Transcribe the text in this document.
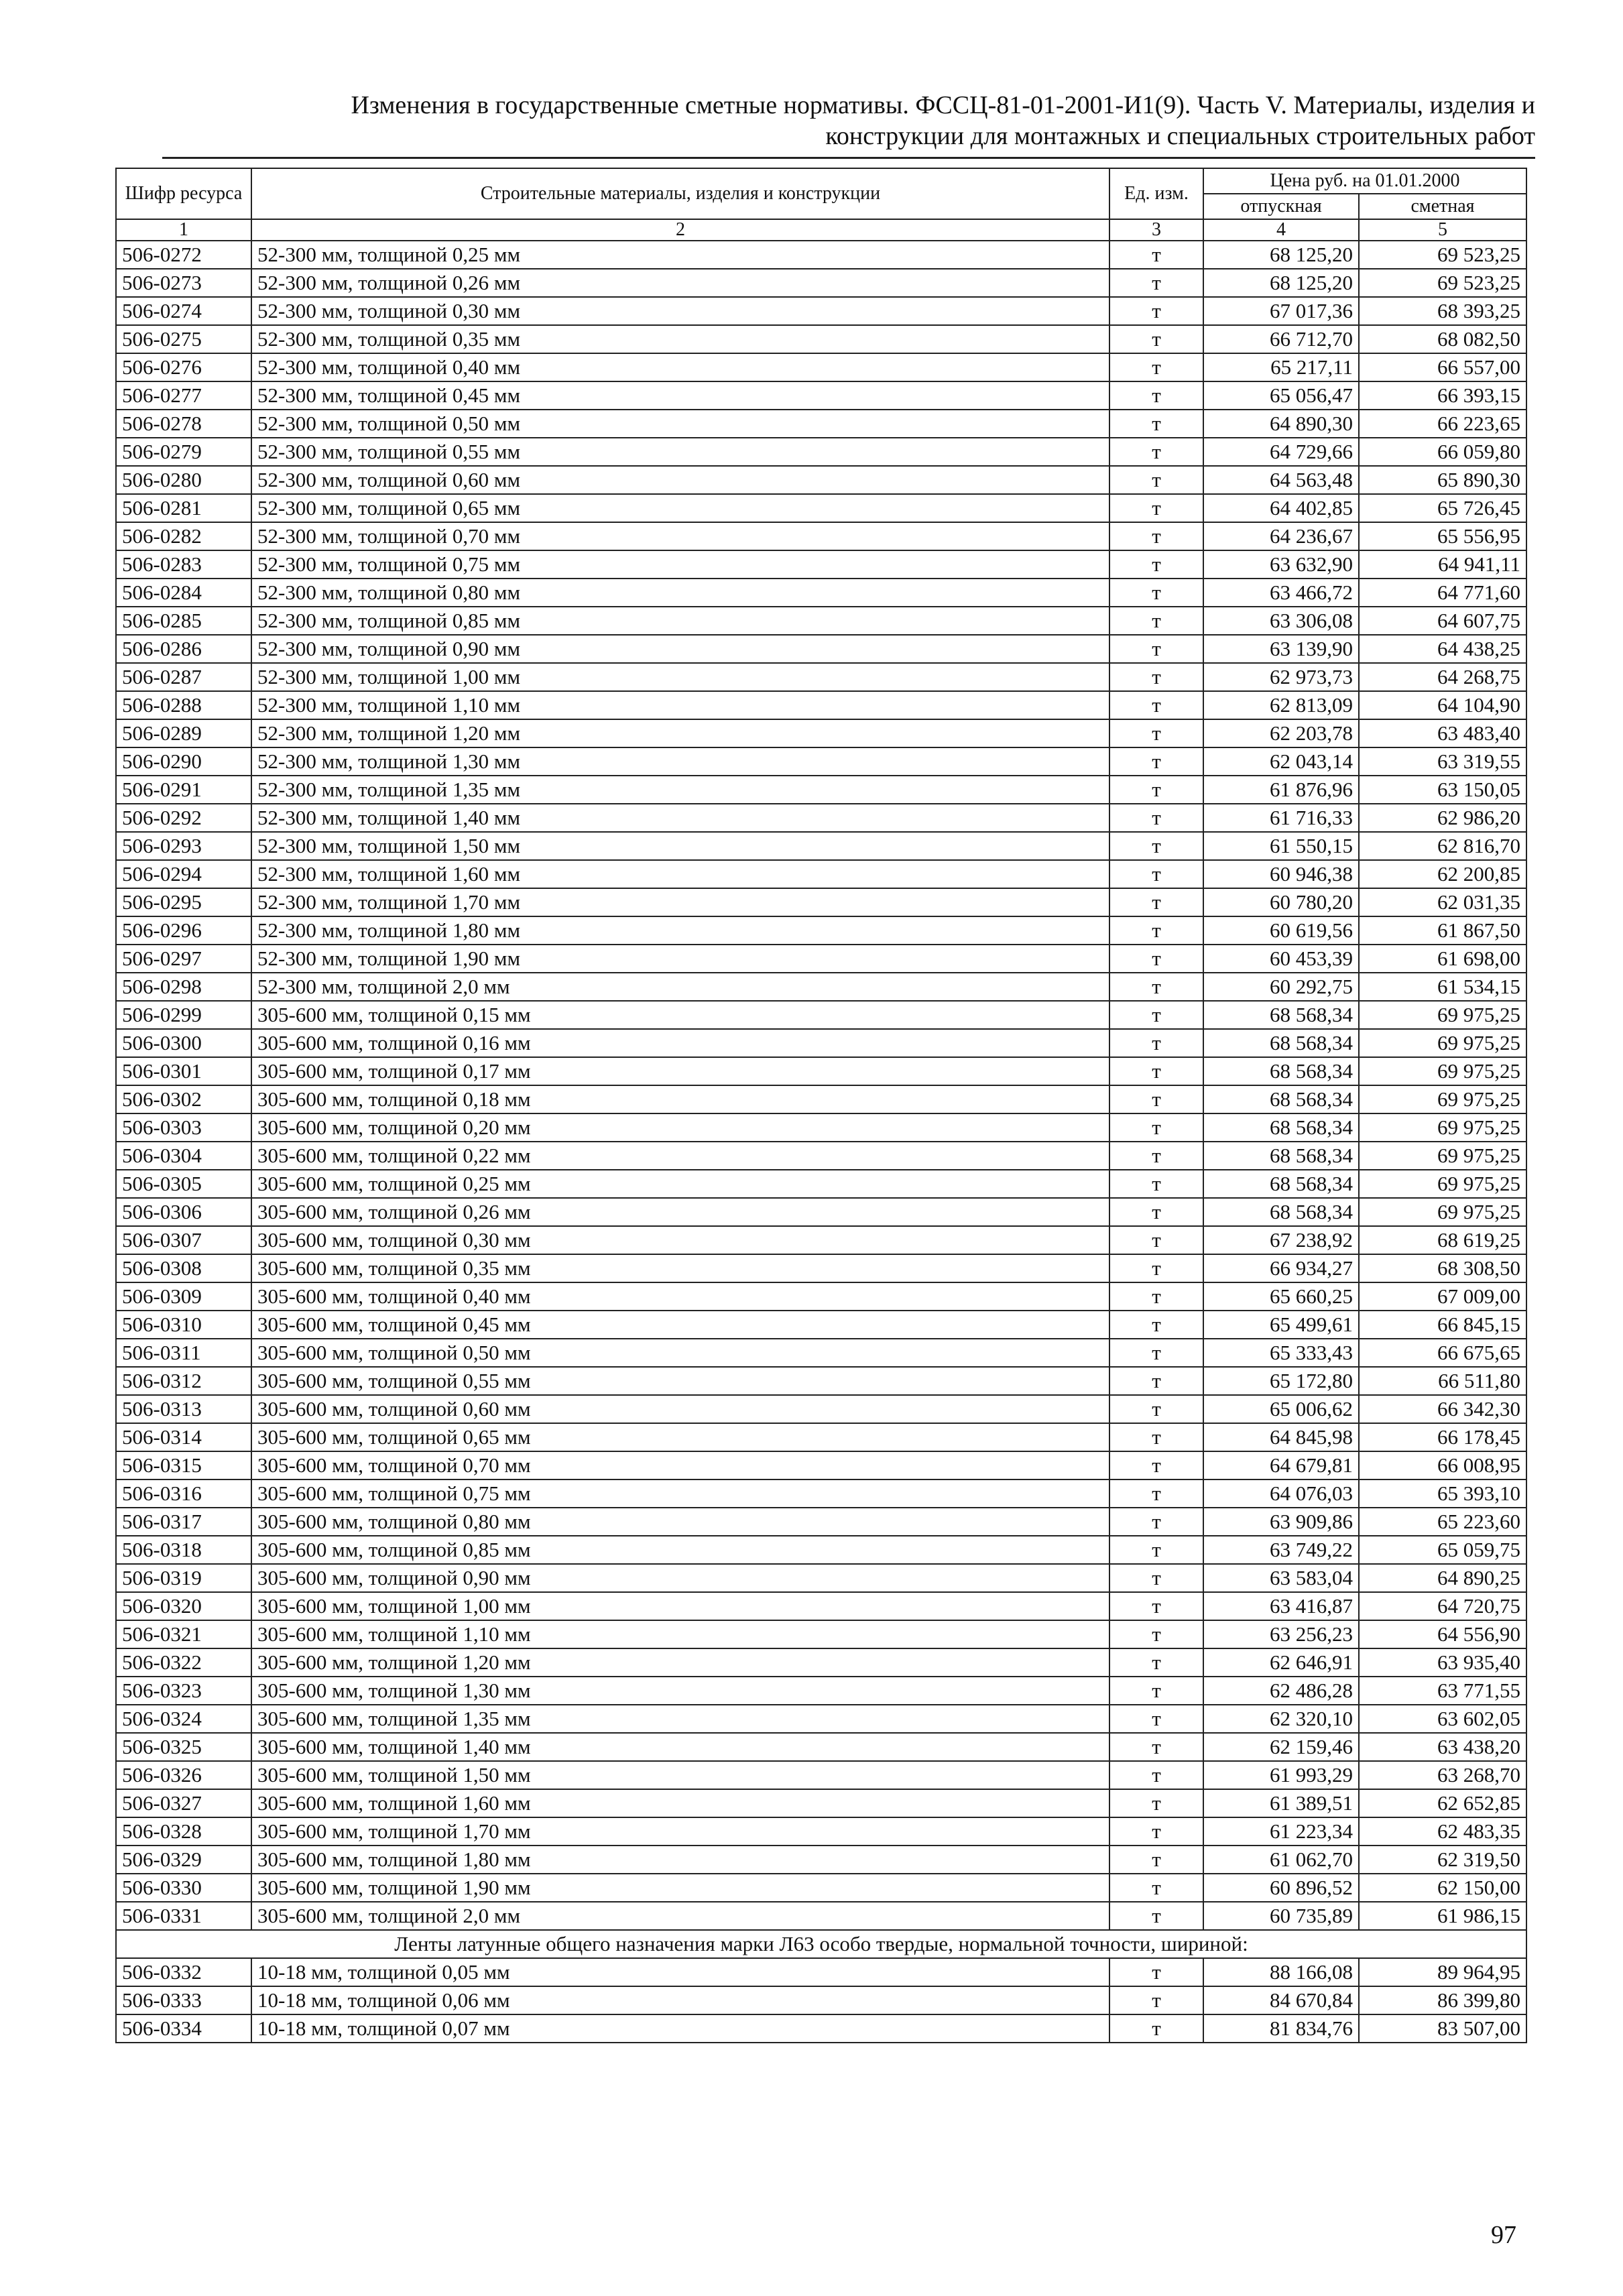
Изменения в государственные сметные нормативы. ФССЦ-81-01-2001-И1(9). Часть V. Материалы, изделия и
конструкции для монтажных и специальных строительных работ
Шифр ресурса	Строительные материалы, изделия и конструкции	Ед. изм.	Цена руб. на 01.01.2000	
			отпускная	сметная
1	2	3	4	5
506-0272	52-300 мм, толщиной 0,25 мм	т	68 125,20	69 523,25
506-0273	52-300 мм, толщиной 0,26 мм	т	68 125,20	69 523,25
506-0274	52-300 мм, толщиной 0,30 мм	т	67 017,36	68 393,25
506-0275	52-300 мм, толщиной 0,35 мм	т	66 712,70	68 082,50
506-0276	52-300 мм, толщиной 0,40 мм	т	65 217,11	66 557,00
506-0277	52-300 мм, толщиной 0,45 мм	т	65 056,47	66 393,15
506-0278	52-300 мм, толщиной 0,50 мм	т	64 890,30	66 223,65
506-0279	52-300 мм, толщиной 0,55 мм	т	64 729,66	66 059,80
506-0280	52-300 мм, толщиной 0,60 мм	т	64 563,48	65 890,30
506-0281	52-300 мм, толщиной 0,65 мм	т	64 402,85	65 726,45
506-0282	52-300 мм, толщиной 0,70 мм	т	64 236,67	65 556,95
506-0283	52-300 мм, толщиной 0,75 мм	т	63 632,90	64 941,11
506-0284	52-300 мм, толщиной 0,80 мм	т	63 466,72	64 771,60
506-0285	52-300 мм, толщиной 0,85 мм	т	63 306,08	64 607,75
506-0286	52-300 мм, толщиной 0,90 мм	т	63 139,90	64 438,25
506-0287	52-300 мм, толщиной 1,00 мм	т	62 973,73	64 268,75
506-0288	52-300 мм, толщиной 1,10 мм	т	62 813,09	64 104,90
506-0289	52-300 мм, толщиной 1,20 мм	т	62 203,78	63 483,40
506-0290	52-300 мм, толщиной 1,30 мм	т	62 043,14	63 319,55
506-0291	52-300 мм, толщиной 1,35 мм	т	61 876,96	63 150,05
506-0292	52-300 мм, толщиной 1,40 мм	т	61 716,33	62 986,20
506-0293	52-300 мм, толщиной 1,50 мм	т	61 550,15	62 816,70
506-0294	52-300 мм, толщиной 1,60 мм	т	60 946,38	62 200,85
506-0295	52-300 мм, толщиной 1,70 мм	т	60 780,20	62 031,35
506-0296	52-300 мм, толщиной 1,80 мм	т	60 619,56	61 867,50
506-0297	52-300 мм, толщиной 1,90 мм	т	60 453,39	61 698,00
506-0298	52-300 мм, толщиной 2,0 мм	т	60 292,75	61 534,15
506-0299	305-600 мм, толщиной 0,15 мм	т	68 568,34	69 975,25
506-0300	305-600 мм, толщиной 0,16 мм	т	68 568,34	69 975,25
506-0301	305-600 мм, толщиной 0,17 мм	т	68 568,34	69 975,25
506-0302	305-600 мм, толщиной 0,18 мм	т	68 568,34	69 975,25
506-0303	305-600 мм, толщиной 0,20 мм	т	68 568,34	69 975,25
506-0304	305-600 мм, толщиной 0,22 мм	т	68 568,34	69 975,25
506-0305	305-600 мм, толщиной 0,25 мм	т	68 568,34	69 975,25
506-0306	305-600 мм, толщиной 0,26 мм	т	68 568,34	69 975,25
506-0307	305-600 мм, толщиной 0,30 мм	т	67 238,92	68 619,25
506-0308	305-600 мм, толщиной 0,35 мм	т	66 934,27	68 308,50
506-0309	305-600 мм, толщиной 0,40 мм	т	65 660,25	67 009,00
506-0310	305-600 мм, толщиной 0,45 мм	т	65 499,61	66 845,15
506-0311	305-600 мм, толщиной 0,50 мм	т	65 333,43	66 675,65
506-0312	305-600 мм, толщиной 0,55 мм	т	65 172,80	66 511,80
506-0313	305-600 мм, толщиной 0,60 мм	т	65 006,62	66 342,30
506-0314	305-600 мм, толщиной 0,65 мм	т	64 845,98	66 178,45
506-0315	305-600 мм, толщиной 0,70 мм	т	64 679,81	66 008,95
506-0316	305-600 мм, толщиной 0,75 мм	т	64 076,03	65 393,10
506-0317	305-600 мм, толщиной 0,80 мм	т	63 909,86	65 223,60
506-0318	305-600 мм, толщиной 0,85 мм	т	63 749,22	65 059,75
506-0319	305-600 мм, толщиной 0,90 мм	т	63 583,04	64 890,25
506-0320	305-600 мм, толщиной 1,00 мм	т	63 416,87	64 720,75
506-0321	305-600 мм, толщиной 1,10 мм	т	63 256,23	64 556,90
506-0322	305-600 мм, толщиной 1,20 мм	т	62 646,91	63 935,40
506-0323	305-600 мм, толщиной 1,30 мм	т	62 486,28	63 771,55
506-0324	305-600 мм, толщиной 1,35 мм	т	62 320,10	63 602,05
506-0325	305-600 мм, толщиной 1,40 мм	т	62 159,46	63 438,20
506-0326	305-600 мм, толщиной 1,50 мм	т	61 993,29	63 268,70
506-0327	305-600 мм, толщиной 1,60 мм	т	61 389,51	62 652,85
506-0328	305-600 мм, толщиной 1,70 мм	т	61 223,34	62 483,35
506-0329	305-600 мм, толщиной 1,80 мм	т	61 062,70	62 319,50
506-0330	305-600 мм, толщиной 1,90 мм	т	60 896,52	62 150,00
506-0331	305-600 мм, толщиной 2,0 мм	т	60 735,89	61 986,15
Ленты латунные общего назначения марки Л63 особо твердые, нормальной точности, шириной:				
506-0332	10-18 мм, толщиной 0,05 мм	т	88 166,08	89 964,95
506-0333	10-18 мм, толщиной 0,06 мм	т	84 670,84	86 399,80
506-0334	10-18 мм, толщиной 0,07 мм	т	81 834,76	83 507,00
97
